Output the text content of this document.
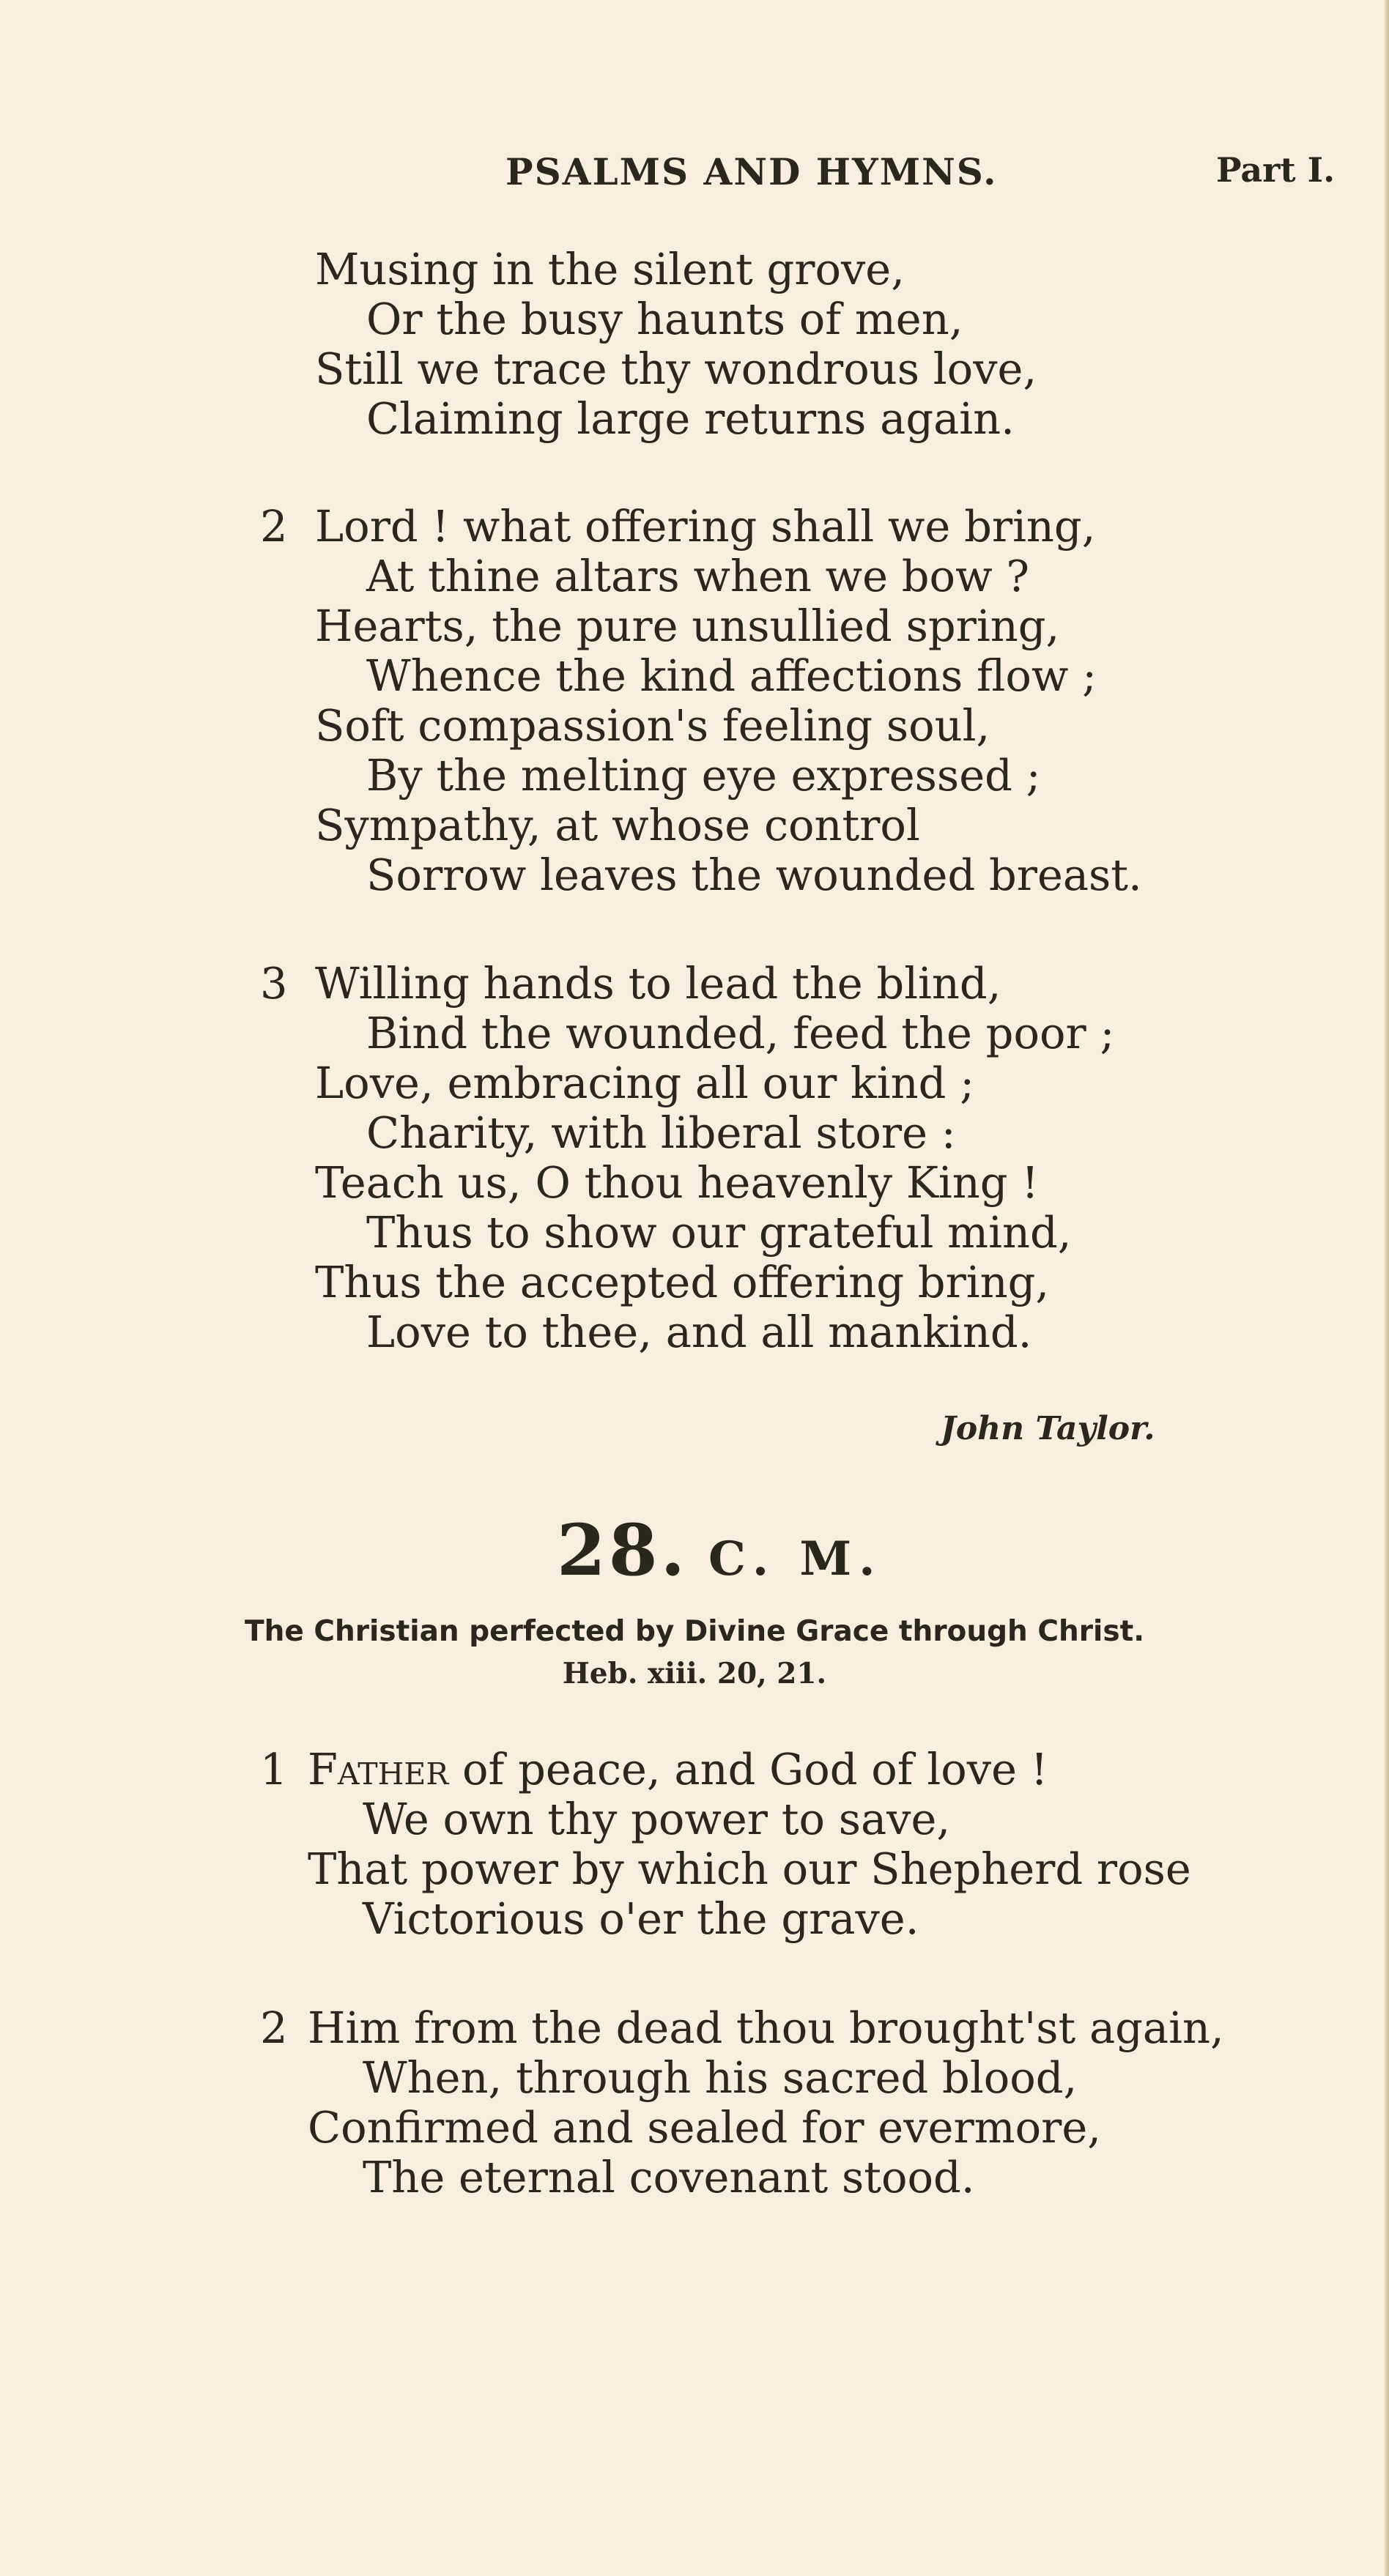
PSALMS AND HYMNS.	Part I.
Musing in the silent grove,
Or the busy haunts of men,
Still we trace thy wondrous love,
Claiming large returns again.
2 Lord ! what offering shall we bring,
At thine altars when we bow ?
Hearts, the pure unsullied spring,
Whence the kind affections flow ;
Soft compassion's feeling soul,
By the melting eye expressed ;
Sympathy, at whose control
Sorrow leaves the wounded breast.
3 Willing hands to lead the blind,
Bind the wounded, feed the poor ;
Love, embracing all our kind ;
Charity, with liberal store :
Teach us, O thou heavenly King !
Thus to show our grateful mind,
Thus the accepted offering bring,
Love to thee, and all mankind.
John Taylor.
28. C. M.
The Christian perfected by Divine Grace through Christ.
Heb. xiii. 20, 21.
1 Father of peace, and God of love !
We own thy power to save,
That power by which our Shepherd rose
Victorious o'er the grave.
2 Him from the dead thou brought'st again,
When, through his sacred blood,
Confirmed and sealed for evermore,
The eternal covenant stood.
